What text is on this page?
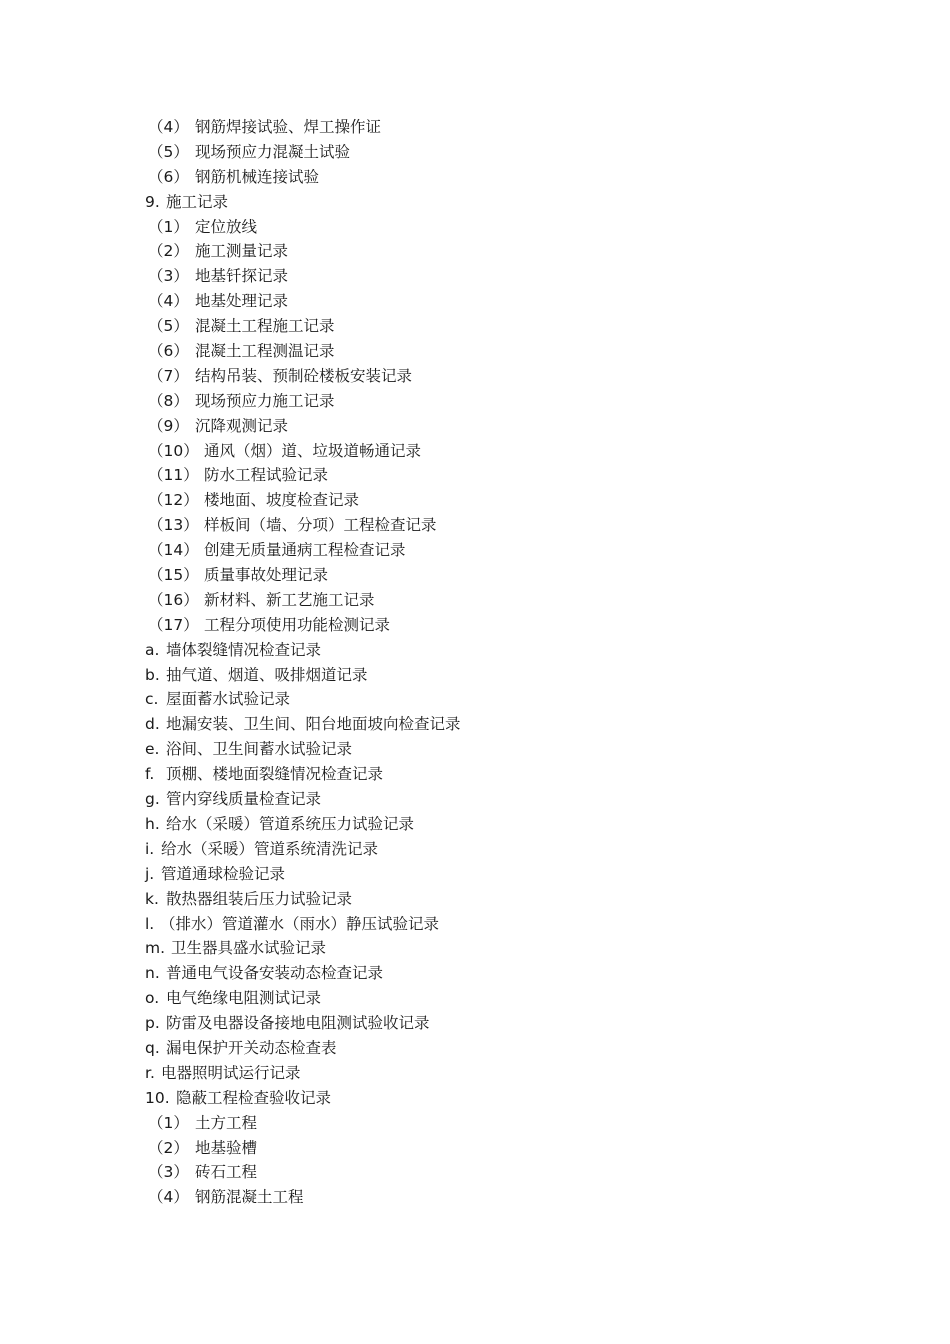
（4） 钢筋焊接试验、焊工操作证
（5） 现场预应力混凝土试验
（6） 钢筋机械连接试验
9. 施工记录
（1） 定位放线
（2） 施工测量记录
（3） 地基钎探记录
（4） 地基处理记录
（5） 混凝土工程施工记录
（6） 混凝土工程测温记录
（7） 结构吊装、预制砼楼板安装记录
（8） 现场预应力施工记录
（9） 沉降观测记录
（10） 通风（烟）道、垃圾道畅通记录
（11） 防水工程试验记录
（12） 楼地面、坡度检查记录
（13） 样板间（墙、分项）工程检查记录
（14） 创建无质量通病工程检查记录
（15） 质量事故处理记录
（16） 新材料、新工艺施工记录
（17） 工程分项使用功能检测记录
a. 墙体裂缝情况检查记录
b. 抽气道、烟道、吸排烟道记录
c. 屋面蓄水试验记录
d. 地漏安装、卫生间、阳台地面坡向检查记录
e. 浴间、卫生间蓄水试验记录
f. 顶棚、楼地面裂缝情况检查记录
g. 管内穿线质量检查记录
h. 给水（采暖）管道系统压力试验记录
i. 给水（采暖）管道系统清洗记录
j. 管道通球检验记录
k. 散热器组装后压力试验记录
l. （排水）管道灌水（雨水）静压试验记录
m. 卫生器具盛水试验记录
n. 普通电气设备安装动态检查记录
o. 电气绝缘电阻测试记录
p. 防雷及电器设备接地电阻测试验收记录
q. 漏电保护开关动态检查表
r. 电器照明试运行记录
10. 隐蔽工程检查验收记录
（1） 土方工程
（2） 地基验槽
（3） 砖石工程
（4） 钢筋混凝土工程
